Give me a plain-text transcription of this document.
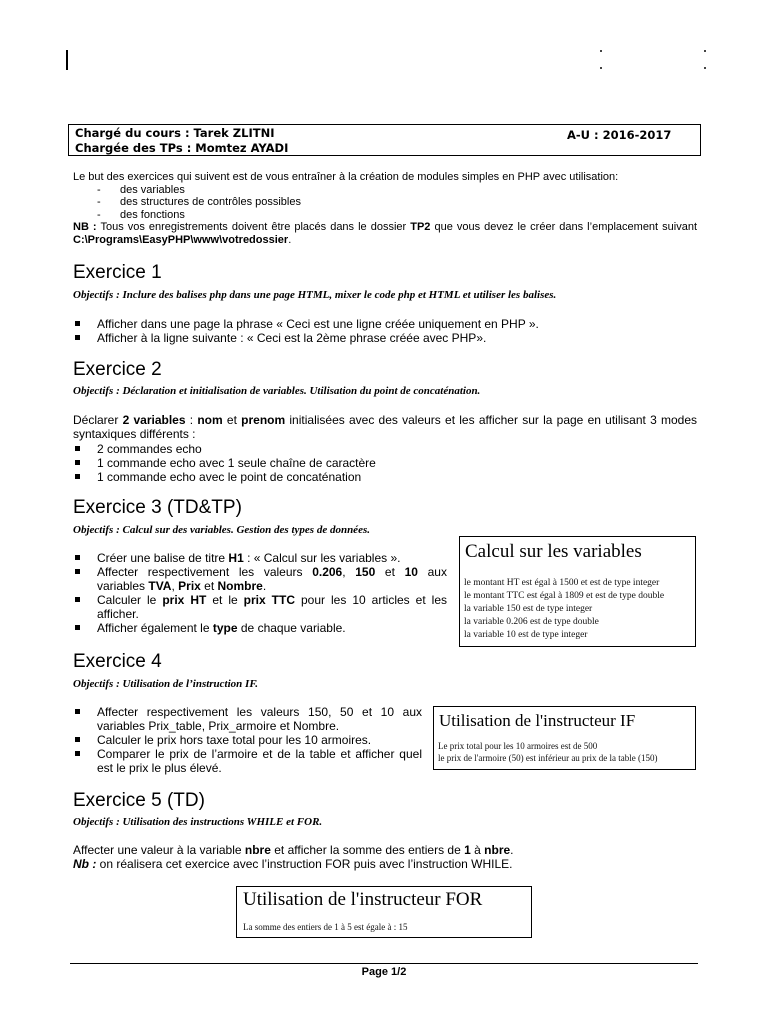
Chargé du cours : Tarek ZLITNI
Chargée des TPs : Momtez AYADI
A-U : 2016-2017
Le but des exercices qui suivent est de vous entraîner à la création de modules simples en PHP avec utilisation:
- des variables
- des structures de contrôles possibles
- des fonctions
NB : Tous vos enregistrements doivent être placés dans le dossier TP2 que vous devez le créer dans l’emplacement suivant C:\Programs\EasyPHP\www\votredossier.
Exercice 1
Objectifs : Inclure des balises php dans une page HTML, mixer le code php et HTML et utiliser les balises.
Afficher dans une page la phrase « Ceci est une ligne créée uniquement en PHP ».
Afficher à la ligne suivante : « Ceci est la 2ème phrase créée avec PHP».
Exercice 2
Objectifs : Déclaration et initialisation de variables. Utilisation du point de concaténation.
Déclarer 2 variables : nom et prenom initialisées avec des valeurs et les afficher sur la page en utilisant 3 modes syntaxiques différents :
2 commandes echo
1 commande echo avec 1 seule chaîne de caractère
1 commande echo avec le point de concaténation
Exercice 3 (TD&TP)
Objectifs : Calcul sur des variables. Gestion des types de données.
Créer une balise de titre H1 : « Calcul sur les variables ».
Affecter respectivement les valeurs 0.206, 150 et 10 aux variables TVA, Prix et Nombre.
Calculer le prix HT et le prix TTC pour les 10 articles et les afficher.
Afficher également le type de chaque variable.
Calcul sur les variables
le montant HT est égal à 1500 et est de type integer
le montant TTC est égal à 1809 et est de type double
la variable 150 est de type integer
la variable 0.206 est de type double
la variable 10 est de type integer
Exercice 4
Objectifs : Utilisation de l’instruction IF.
Affecter respectivement les valeurs 150, 50 et 10 aux variables Prix_table, Prix_armoire et Nombre.
Calculer le prix hors taxe total pour les 10 armoires.
Comparer le prix de l’armoire et de la table et afficher quel est le prix le plus élevé.
Utilisation de l'instructeur IF
Le prix total pour les 10 armoires est de 500
le prix de l'armoire (50) est inférieur au prix de la table (150)
Exercice 5 (TD)
Objectifs : Utilisation des instructions WHILE et FOR.
Affecter une valeur à la variable nbre et afficher la somme des entiers de 1 à nbre.
Nb : on réalisera cet exercice avec l’instruction FOR puis avec l’instruction WHILE.
Utilisation de l'instructeur FOR
La somme des entiers de 1 à 5 est égale à : 15
Page 1/2
